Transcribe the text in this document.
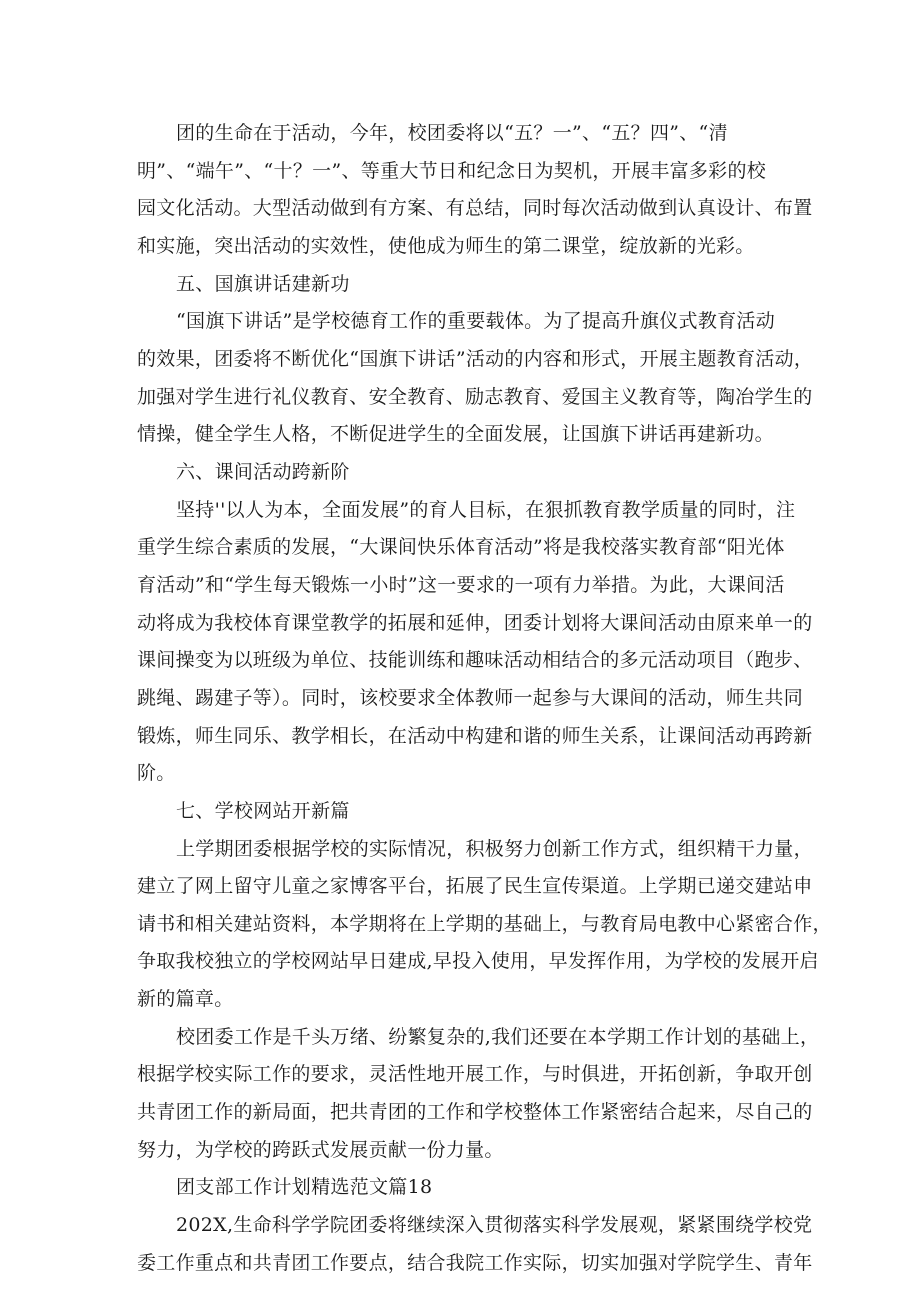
团的生命在于活动，今年，校团委将以“五？一”、“五？四”、“清
明”、“端午”、“十？一”、等重大节日和纪念日为契机，开展丰富多彩的校
园文化活动。大型活动做到有方案、有总结，同时每次活动做到认真设计、布置
和实施，突出活动的实效性，使他成为师生的第二课堂，绽放新的光彩。
五、国旗讲话建新功
“国旗下讲话”是学校德育工作的重要载体。为了提高升旗仪式教育活动
的效果，团委将不断优化“国旗下讲话”活动的内容和形式，开展主题教育活动，
加强对学生进行礼仪教育、安全教育、励志教育、爱国主义教育等，陶冶学生的
情操，健全学生人格，不断促进学生的全面发展，让国旗下讲话再建新功。
六、课间活动跨新阶
坚持''以人为本，全面发展”的育人目标，在狠抓教育教学质量的同时，注
重学生综合素质的发展，“大课间快乐体育活动”将是我校落实教育部“阳光体
育活动”和“学生每天锻炼一小时”这一要求的一项有力举措。为此，大课间活
动将成为我校体育课堂教学的拓展和延伸，团委计划将大课间活动由原来单一的
课间操变为以班级为单位、技能训练和趣味活动相结合的多元活动项目（跑步、
跳绳、踢建子等）。同时，该校要求全体教师一起参与大课间的活动，师生共同
锻炼，师生同乐、教学相长，在活动中构建和谐的师生关系，让课间活动再跨新
阶。
七、学校网站开新篇
上学期团委根据学校的实际情况，积极努力创新工作方式，组织精干力量，
建立了网上留守儿童之家博客平台，拓展了民生宣传渠道。上学期已递交建站申
请书和相关建站资料，本学期将在上学期的基础上，与教育局电教中心紧密合作，
争取我校独立的学校网站早日建成,早投入使用，早发挥作用，为学校的发展开启
新的篇章。
校团委工作是千头万绪、纷繁复杂的,我们还要在本学期工作计划的基础上，
根据学校实际工作的要求，灵活性地开展工作，与时俱进，开拓创新，争取开创
共青团工作的新局面，把共青团的工作和学校整体工作紧密结合起来，尽自己的
努力，为学校的跨跃式发展贡献一份力量。
团支部工作计划精选范文篇18
202X,生命科学学院团委将继续深入贯彻落实科学发展观，紧紧围绕学校党
委工作重点和共青团工作要点，结合我院工作实际，切实加强对学院学生、青年
